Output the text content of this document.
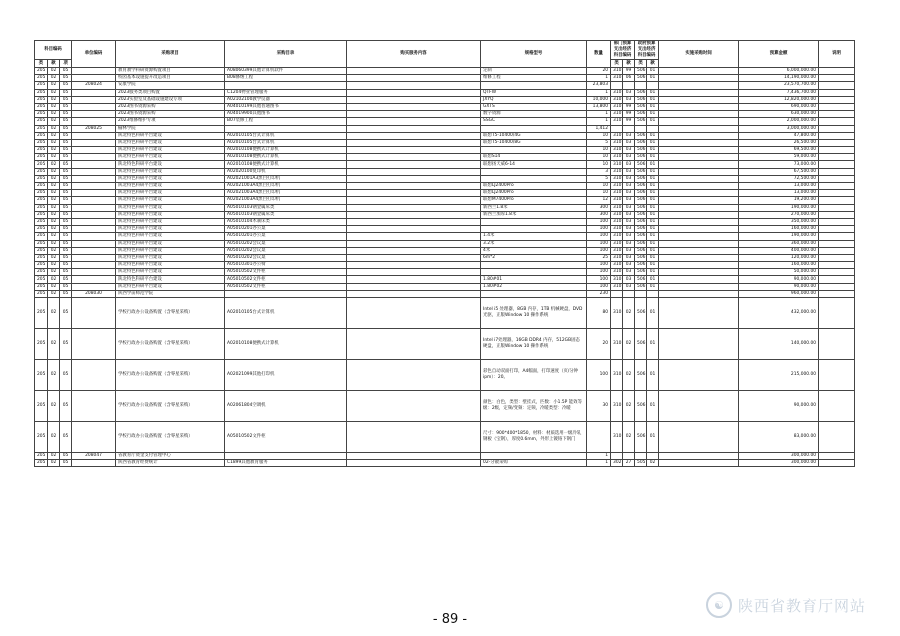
科目编码			单位编码	采购项目	采购目录	购买服务内容	规格型号	数量	部门预算支出经济科目编码		政府预算支出经济科目编码		实施采购时间	预算金额	说明
类	款	项							类	款	类	款			
205	02	05		教育教学科研资源购置项目	A08060399其他计算机软件		定制	20	310	99	506	01		6,000,000.00	
205	02	05		校园基本设施提升改造项目	B08修缮工程		维修工程	1	310	06	506	01		14,190,000.00	
205	02	05	208024	安康学院				23,803						23,570,700.00	
205	02	05		2023服务类项目购置	C1204物业管理服务		QTFW	1	310	03	506	01		7,436,700.00	
205	02	05		2023实验室及基础设施建设专项	A02102100教学仪器		JXYQ	10,000	310	03	506	01		12,820,000.00	
205	02	05		2023图书资源采购	A04010199其他普通图书		GXTS	13,800	310	99	506	01		690,000.00	
205	02	05		2023图书资源采购	A04019900其他图书		数字资源	1	310	99	506	01		630,000.00	
205	02	05		2023维修维护专项	B07装修工程		SSGC	1	310	99	506	01		2,000,000.00	
205	02	05	208025	榆林学院				1,412						3,000,000.00	
205	02	05		陕北特色科研平台建设	A02010105台式计算机		联想T5-10400/4G	10	310	03	506	01		47,800.00	
205	02	05		陕北特色科研平台建设	A02010105台式计算机		联想T5-10400/8G	5	310	03	506	01		26,500.00	
205	02	05		陕北特色科研平台建设	A02010108便携式计算机			10	310	03	506	01		69,500.00	
205	02	05		陕北特色科研平台建设	A02010108便携式计算机		联想S14	10	310	03	506	01		59,000.00	
205	02	05		陕北特色科研平台建设	A02010108便携式计算机		联想扬天威6-14	10	310	03	506	01		73,000.00	
205	02	05		陕北特色科研平台建设	A02020100复印机			3	310	03	506	01		67,500.00	
205	02	05		陕北特色科研平台建设	A02021001A3黑白打印机			5	310	03	506	01		72,500.00	
205	02	05		陕北特色科研平台建设	A02021003A4黑白打印机		联想LJ2400Pro	10	310	03	506	01		13,000.00	
205	02	05		陕北特色科研平台建设	A02021003A4黑白打印机		联想LJ2400Pro	10	310	03	506	01		13,000.00	
205	02	05		陕北特色科研平台建设	A02021003A4黑白打印机		联想M7400Pro	12	310	03	506	01		19,200.00	
205	02	05		陕北特色科研平台建设	A05010103钢金属床类		新西兰1.8米	300	310	03	506	01		190,000.00	
205	02	05		陕北特色科研平台建设	A05010103钢金属床类		新西兰加厚1.8米	300	310	03	506	01		270,000.00	
205	02	05		陕北特色科研平台建设	A05010104木制床类			100	310	03	506	01		350,000.00	
205	02	05		陕北特色科研平台建设	A05010201办公桌			100	310	03	506	01		160,000.00	
205	02	05		陕北特色科研平台建设	A05010201办公桌		1.4米	100	310	03	506	01		190,000.00	
205	02	05		陕北特色科研平台建设	A05010202会议桌		3.2米	100	310	03	506	01		360,000.00	
205	02	05		陕北特色科研平台建设	A05010202会议桌		4米	100	310	03	506	01		400,000.00	
205	02	05		陕北特色科研平台建设	A05010202会议桌		6m*2	25	310	03	506	01		120,000.00	
205	02	05		陕北特色科研平台建设	A05010301办公椅			100	310	03	506	01		160,000.00	
205	02	05		陕北特色科研平台建设	A05010502文件柜			100	310	03	506	01		50,000.00	
205	02	05		陕北特色科研平台建设	A05010502文件柜		1.80#01	100	310	03	506	01		90,000.00	
205	02	05		陕北特色科研平台建设	A05010502文件柜		1.80#02	100	310	03	506	01		90,000.00	
205	02	05	208030	陕西学前师范学院				230						960,000.00	
205	02	05		学校行政办公设备购置（含零星采购）	A02010105台式计算机		Intel i5 处理器，8GB 内存，1TB 机械硬盘，DVD光驱，正版Window 10 操作系统	80	310	02	506	01		432,000.00	
205	02	05		学校行政办公设备购置（含零星采购）	A02010108便携式计算机		Intel i7处理器，16GB DDR4 内存，512GB固态硬盘，正版Window 10 操作系统	20	310	02	506	01		140,000.00	
205	02	05		学校行政办公设备购置（含零星采购）	A02021099其他打印机		彩色自动双面打印，A4幅面，打印速度（页/分钟 ipm）：20。	100	310	02	506	01		215,000.00	
205	02	05		学校行政办公设备购置（含零星采购）	A02061804空调机		颜色：白色，类型：壁挂式，匹数：小1.5P 能效等级：2级，定频/变频：定频，冷暖类型：冷暖	30	310	02	506	01		90,000.00	
205	02	05		学校行政办公设备购置（含零星采购）	A05010502文件柜		尺寸：900*400*1850，材料：材质选用一级冷轧钢板（宝钢），厚度0.6mm，外形上镀铬下钢门		310	02	506	01		83,000.00	
205	02	05	208047	省教育厅资金支付管理中心				1						300,000.00	
205	02	05		陕西省教育经费统计	C1899其他教育服务		02-分散采购	1	302	27	505	02		300,000.00	
- 89 -
☯ 陕西省教育厅网站
